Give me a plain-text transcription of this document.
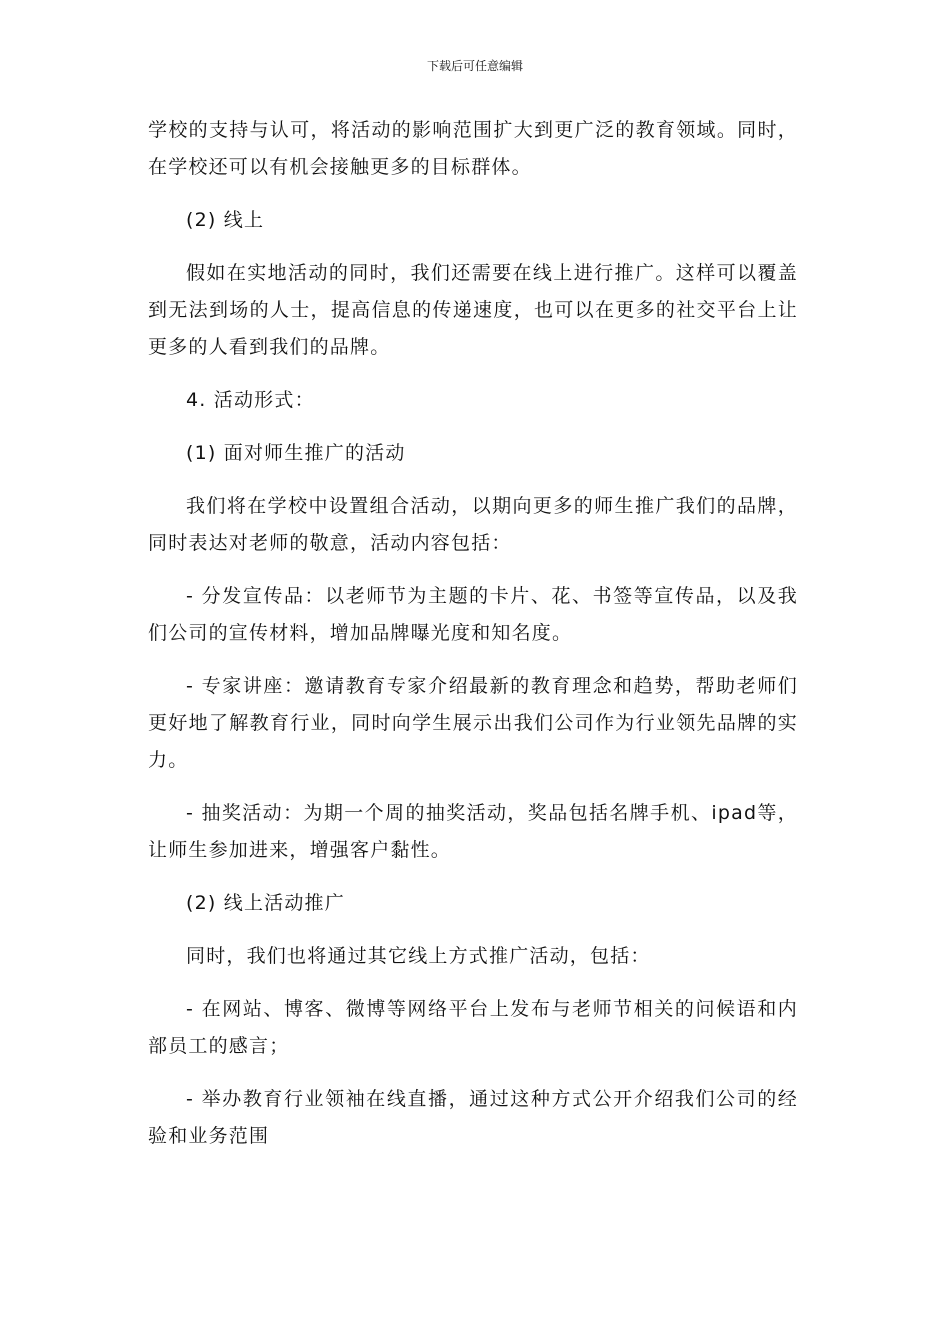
下载后可任意编辑

学校的支持与认可，将活动的影响范围扩大到更广泛的教育领域。同时，在学校还可以有机会接触更多的目标群体。

(2) 线上

假如在实地活动的同时，我们还需要在线上进行推广。这样可以覆盖到无法到场的人士，提高信息的传递速度，也可以在更多的社交平台上让更多的人看到我们的品牌。

4. 活动形式：

(1) 面对师生推广的活动

我们将在学校中设置组合活动，以期向更多的师生推广我们的品牌，同时表达对老师的敬意，活动内容包括：

- 分发宣传品：以老师节为主题的卡片、花、书签等宣传品，以及我们公司的宣传材料，增加品牌曝光度和知名度。

- 专家讲座：邀请教育专家介绍最新的教育理念和趋势，帮助老师们更好地了解教育行业，同时向学生展示出我们公司作为行业领先品牌的实力。

- 抽奖活动：为期一个周的抽奖活动，奖品包括名牌手机、ipad等，让师生参加进来，增强客户黏性。

(2) 线上活动推广

同时，我们也将通过其它线上方式推广活动，包括：

- 在网站、博客、微博等网络平台上发布与老师节相关的问候语和内部员工的感言；

- 举办教育行业领袖在线直播，通过这种方式公开介绍我们公司的经验和业务范围
